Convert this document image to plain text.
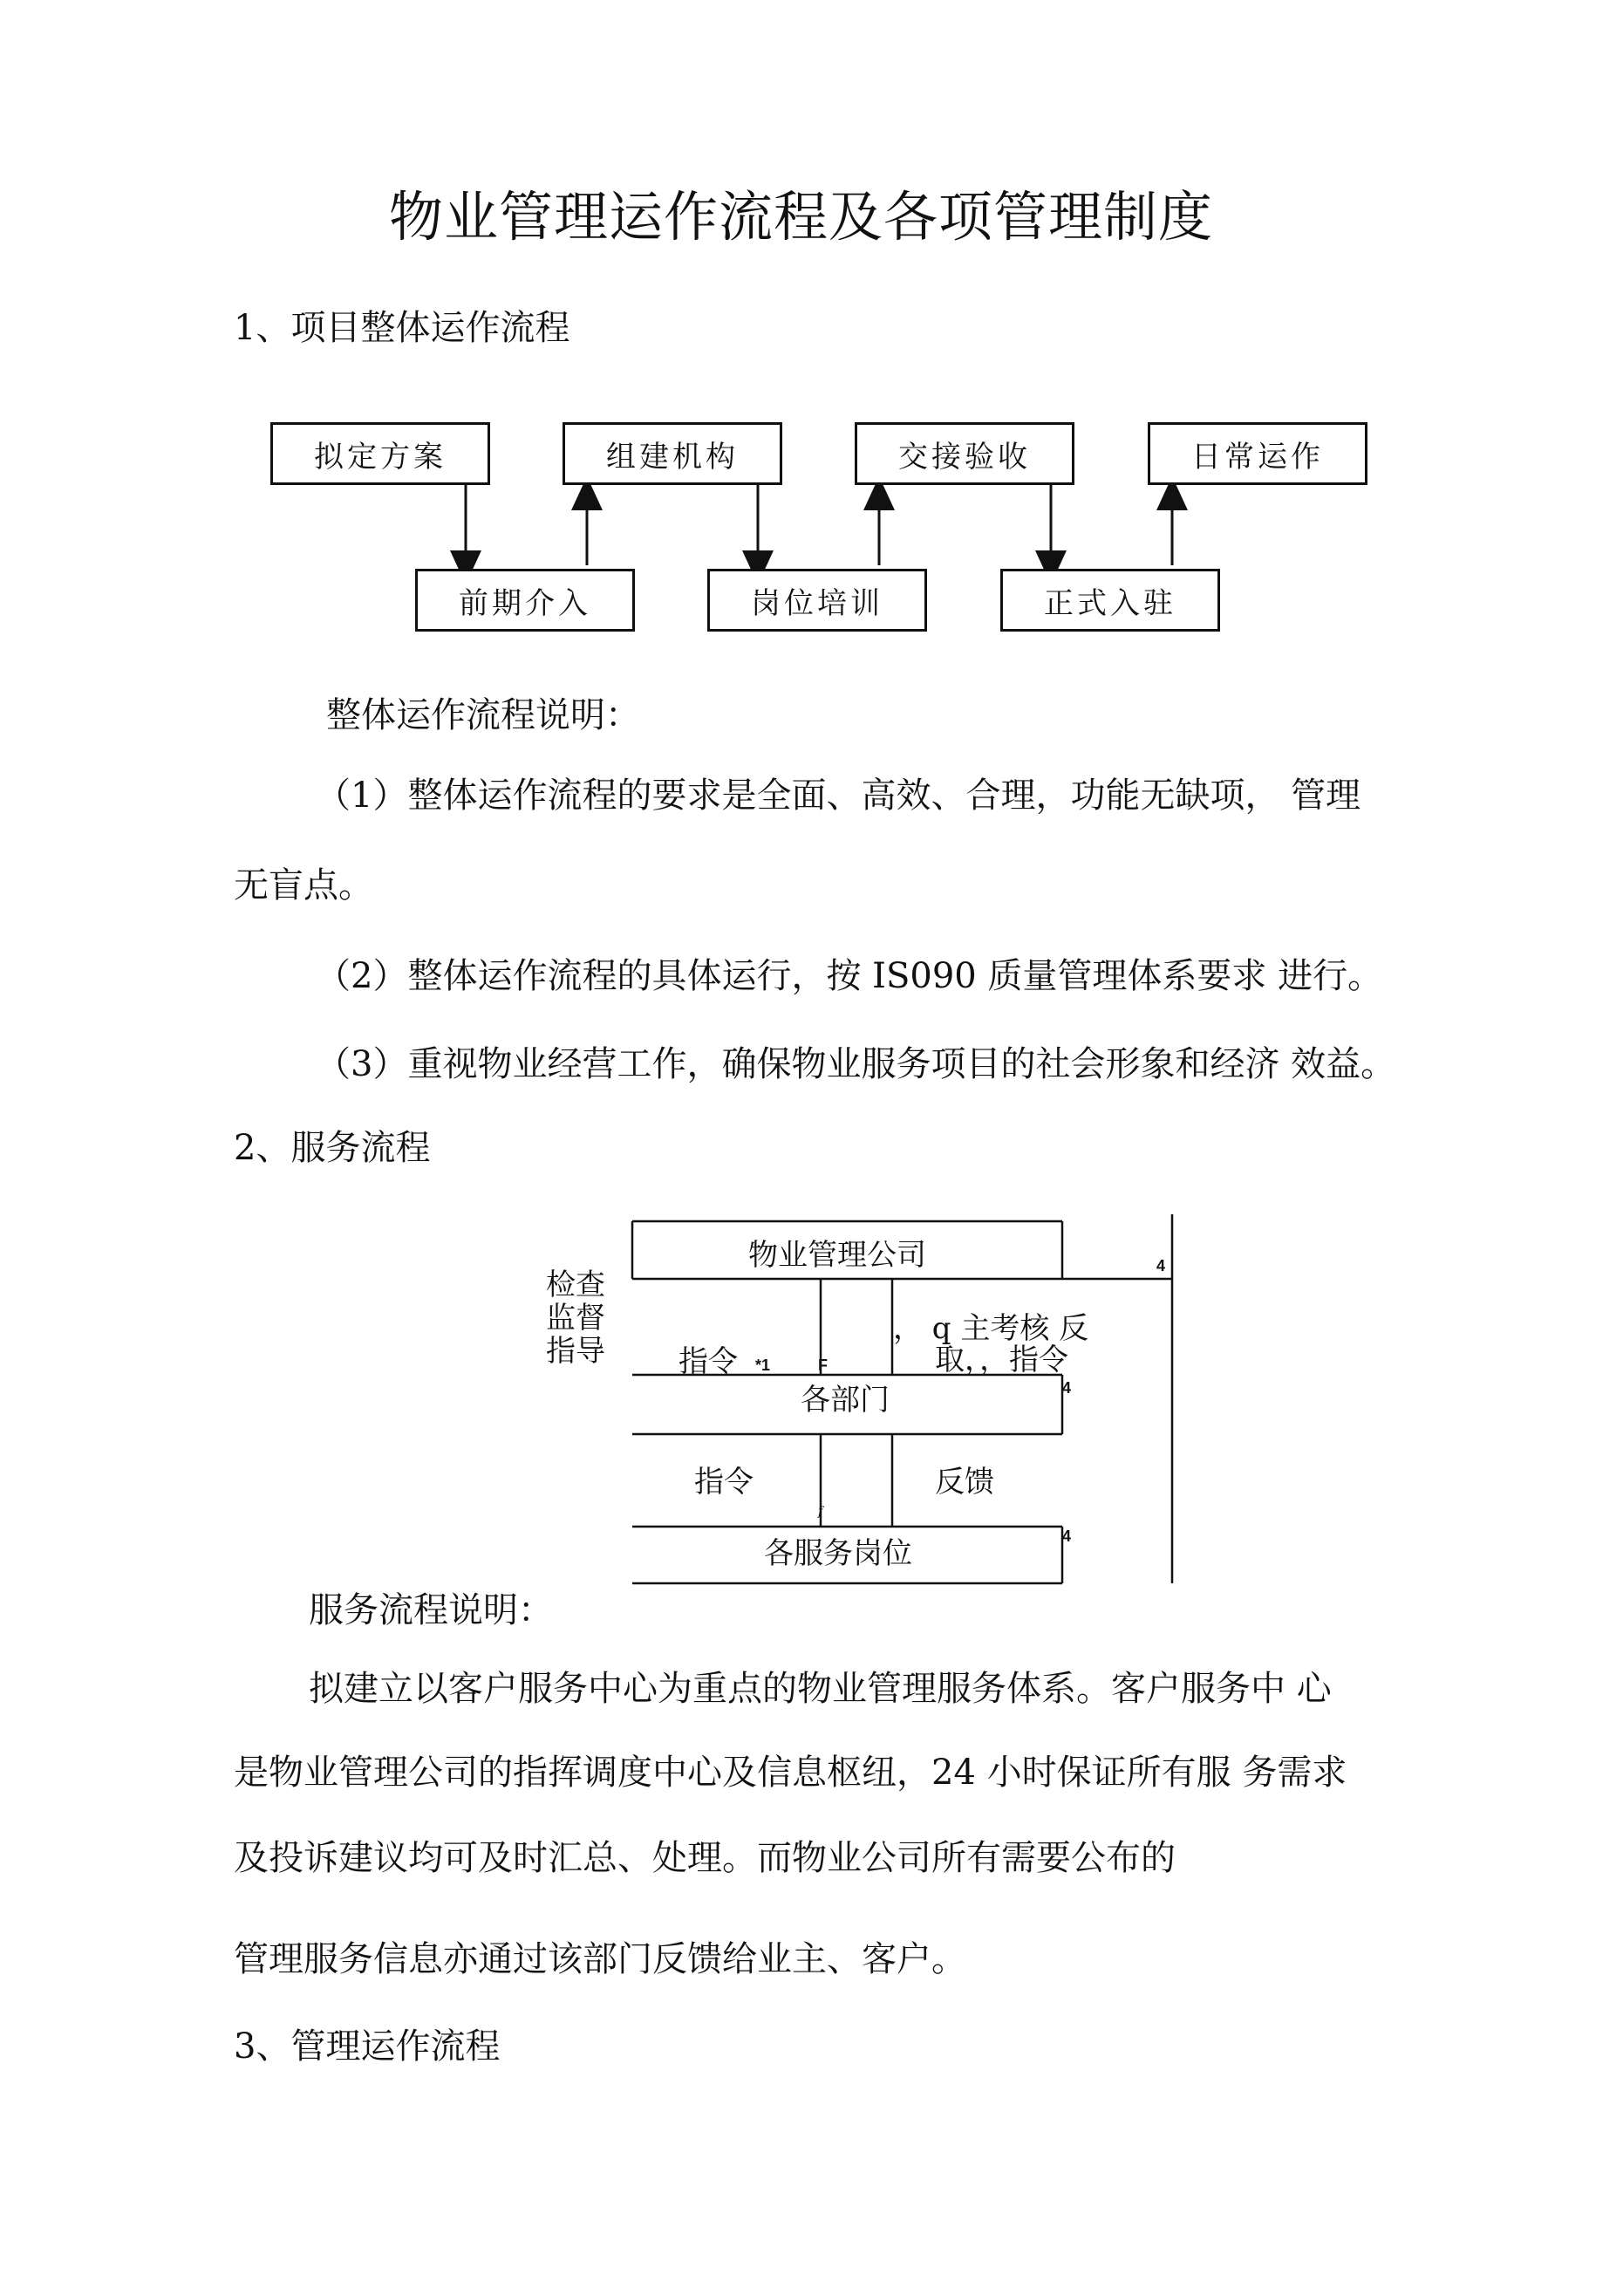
物业管理运作流程及各项管理制度
1、项目整体运作流程
拟定方案	组建机构	交接验收	日常运作
前期介入	岗位培训	正式入驻
整体运作流程说明：
（1）整体运作流程的要求是全面、高效、合理，功能无缺项， 管理
无盲点。
（2）整体运作流程的具体运行，按 IS090 质量管理体系要求 进行。
（3）重视物业经营工作，确保物业服务项目的社会形象和经济 效益。
2、服务流程
物业管理公司
各部门
各服务岗位
检查
监督
指导 指令 *1	F
， q 主考核 反
取，，指令
4
4
4
指令
f
反馈
服务流程说明：
拟建立以客户服务中心为重点的物业管理服务体系。客户服务中 心
是物业管理公司的指挥调度中心及信息枢纽，24 小时保证所有服 务需求
及投诉建议均可及时汇总、处理。而物业公司所有需要公布的
管理服务信息亦通过该部门反馈给业主、客户。
3、管理运作流程
